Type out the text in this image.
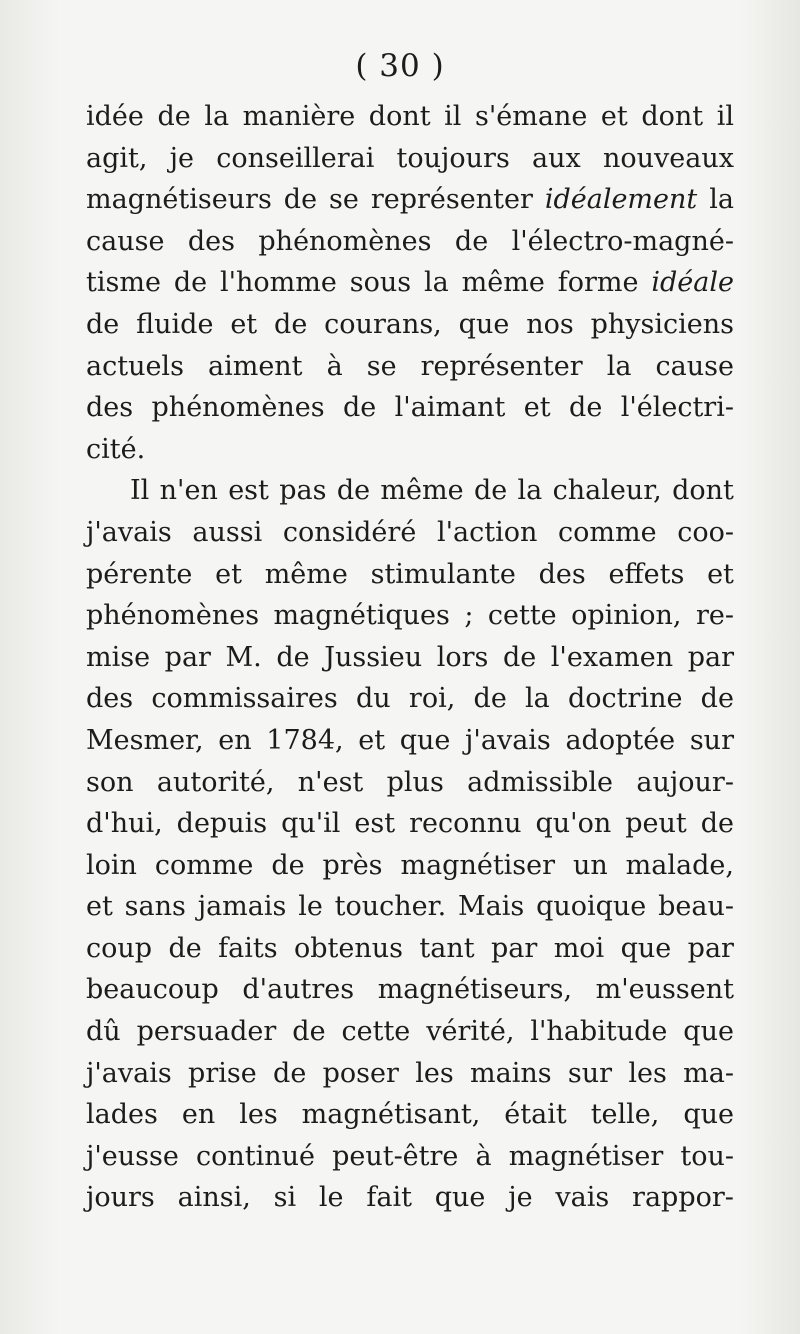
( 30 )
idée de la manière dont il s'émane et dont il
agit, je conseillerai toujours aux nouveaux
magnétiseurs de se représenter idéalement la
cause des phénomènes de l'électro-magné-
tisme de l'homme sous la même forme idéale
de fluide et de courans, que nos physiciens
actuels aiment à se représenter la cause
des phénomènes de l'aimant et de l'électri-
cité.
Il n'en est pas de même de la chaleur, dont
j'avais aussi considéré l'action comme coo-
pérente et même stimulante des effets et
phénomènes magnétiques ; cette opinion, re-
mise par M. de Jussieu lors de l'examen par
des commissaires du roi, de la doctrine de
Mesmer, en 1784, et que j'avais adoptée sur
son autorité, n'est plus admissible aujour-
d'hui, depuis qu'il est reconnu qu'on peut de
loin comme de près magnétiser un malade,
et sans jamais le toucher. Mais quoique beau-
coup de faits obtenus tant par moi que par
beaucoup d'autres magnétiseurs, m'eussent
dû persuader de cette vérité, l'habitude que
j'avais prise de poser les mains sur les ma-
lades en les magnétisant, était telle, que
j'eusse continué peut-être à magnétiser tou-
jours ainsi, si le fait que je vais rappor-
